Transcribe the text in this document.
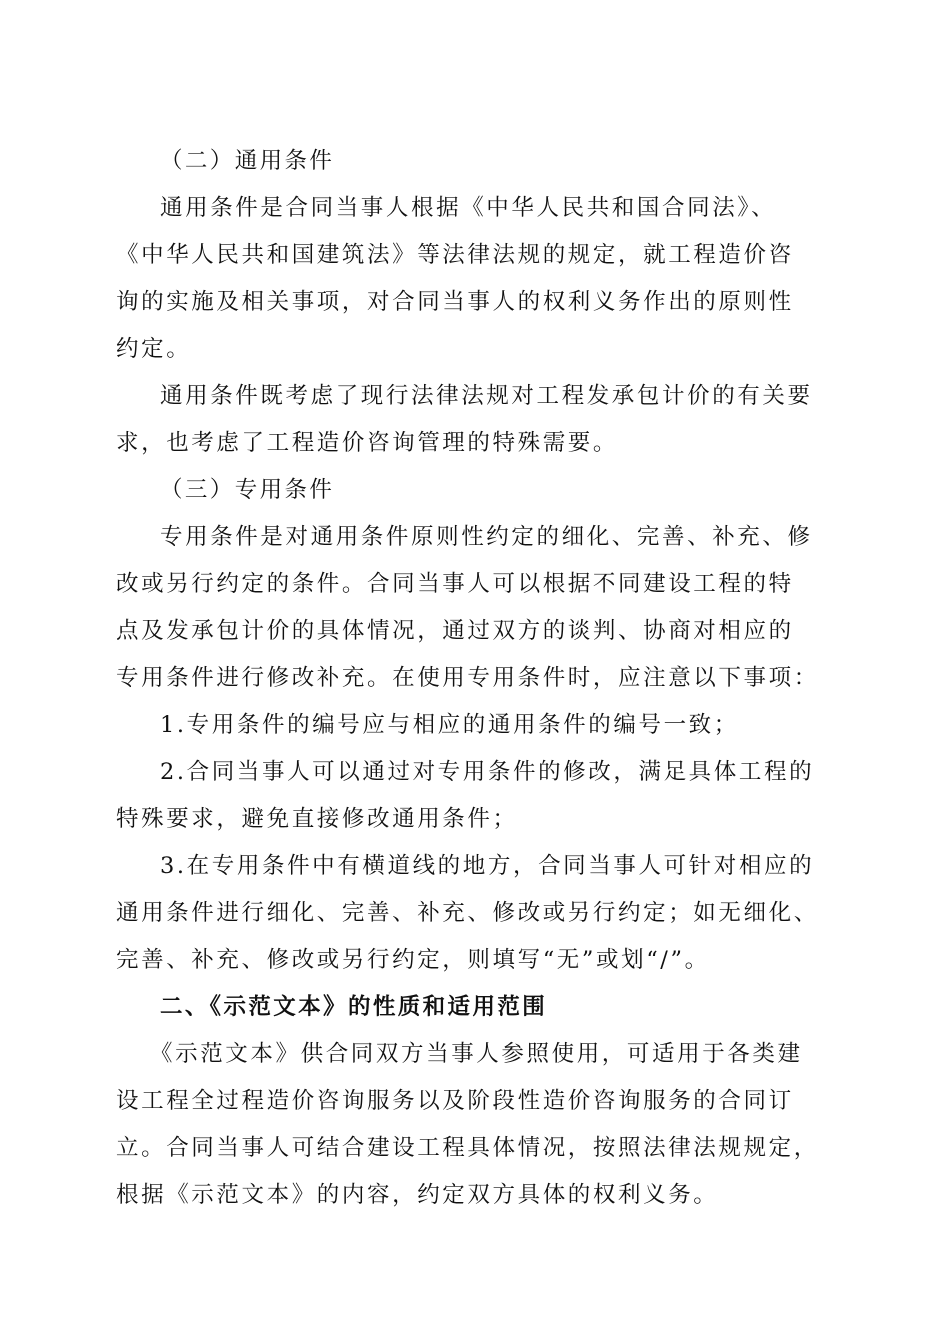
（二）通用条件

通用条件是合同当事人根据《中华人民共和国合同法》、

《中华人民共和国建筑法》等法律法规的规定，就工程造价咨

询的实施及相关事项，对合同当事人的权利义务作出的原则性

约定。

通用条件既考虑了现行法律法规对工程发承包计价的有关要

求，也考虑了工程造价咨询管理的特殊需要。

（三）专用条件

专用条件是对通用条件原则性约定的细化、完善、补充、修

改或另行约定的条件。合同当事人可以根据不同建设工程的特

点及发承包计价的具体情况，通过双方的谈判、协商对相应的

专用条件进行修改补充。在使用专用条件时，应注意以下事项：

1.专用条件的编号应与相应的通用条件的编号一致；

2.合同当事人可以通过对专用条件的修改，满足具体工程的

特殊要求，避免直接修改通用条件；

3.在专用条件中有横道线的地方，合同当事人可针对相应的

通用条件进行细化、完善、补充、修改或另行约定；如无细化、

完善、补充、修改或另行约定，则填写“无”或划“/”。

二、《示范文本》的性质和适用范围

《示范文本》供合同双方当事人参照使用，可适用于各类建

设工程全过程造价咨询服务以及阶段性造价咨询服务的合同订

立。合同当事人可结合建设工程具体情况，按照法律法规规定，

根据《示范文本》的内容，约定双方具体的权利义务。
